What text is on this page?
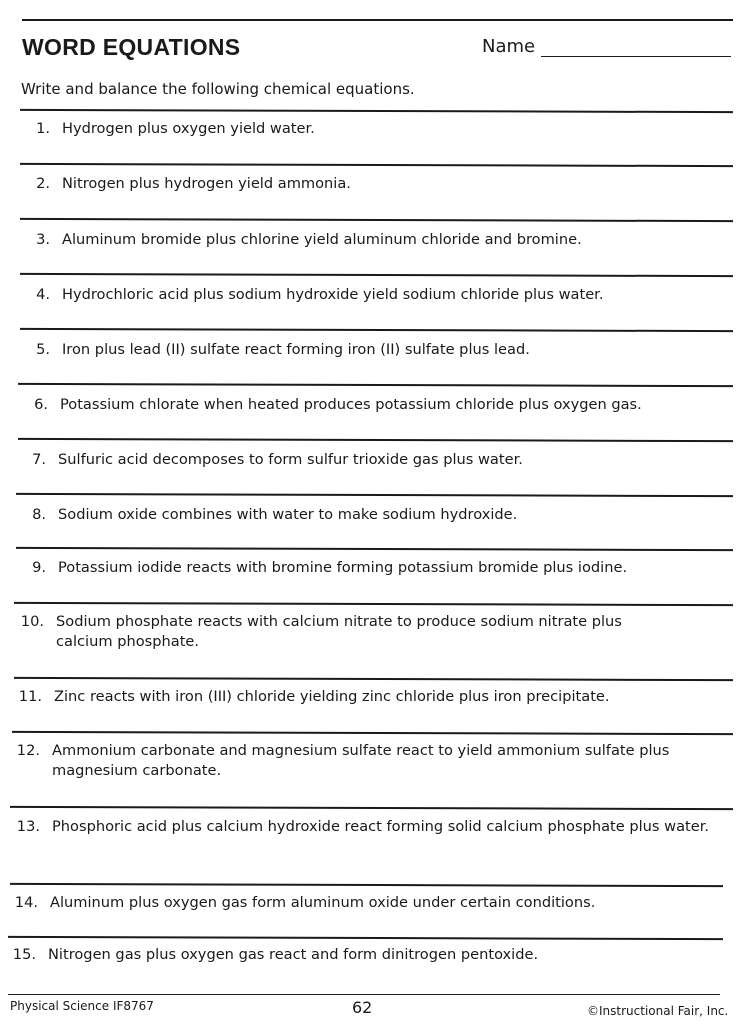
WORD EQUATIONS	Name
Write and balance the following chemical equations.
1. Hydrogen plus oxygen yield water.
2. Nitrogen plus hydrogen yield ammonia.
3. Aluminum bromide plus chlorine yield aluminum chloride and bromine.
4. Hydrochloric acid plus sodium hydroxide yield sodium chloride plus water.
5. Iron plus lead (II) sulfate react forming iron (II) sulfate plus lead.
6. Potassium chlorate when heated produces potassium chloride plus oxygen gas.
7. Sulfuric acid decomposes to form sulfur trioxide gas plus water.
8. Sodium oxide combines with water to make sodium hydroxide.
9. Potassium iodide reacts with bromine forming potassium bromide plus iodine.
10. Sodium phosphate reacts with calcium nitrate to produce sodium nitrate plus calcium phosphate.
11. Zinc reacts with iron (III) chloride yielding zinc chloride plus iron precipitate.
12. Ammonium carbonate and magnesium sulfate react to yield ammonium sulfate plus magnesium carbonate.
13. Phosphoric acid plus calcium hydroxide react forming solid calcium phosphate plus water.
14. Aluminum plus oxygen gas form aluminum oxide under certain conditions.
15. Nitrogen gas plus oxygen gas react and form dinitrogen pentoxide.
Physical Science IF8767	62	©Instructional Fair, Inc.
